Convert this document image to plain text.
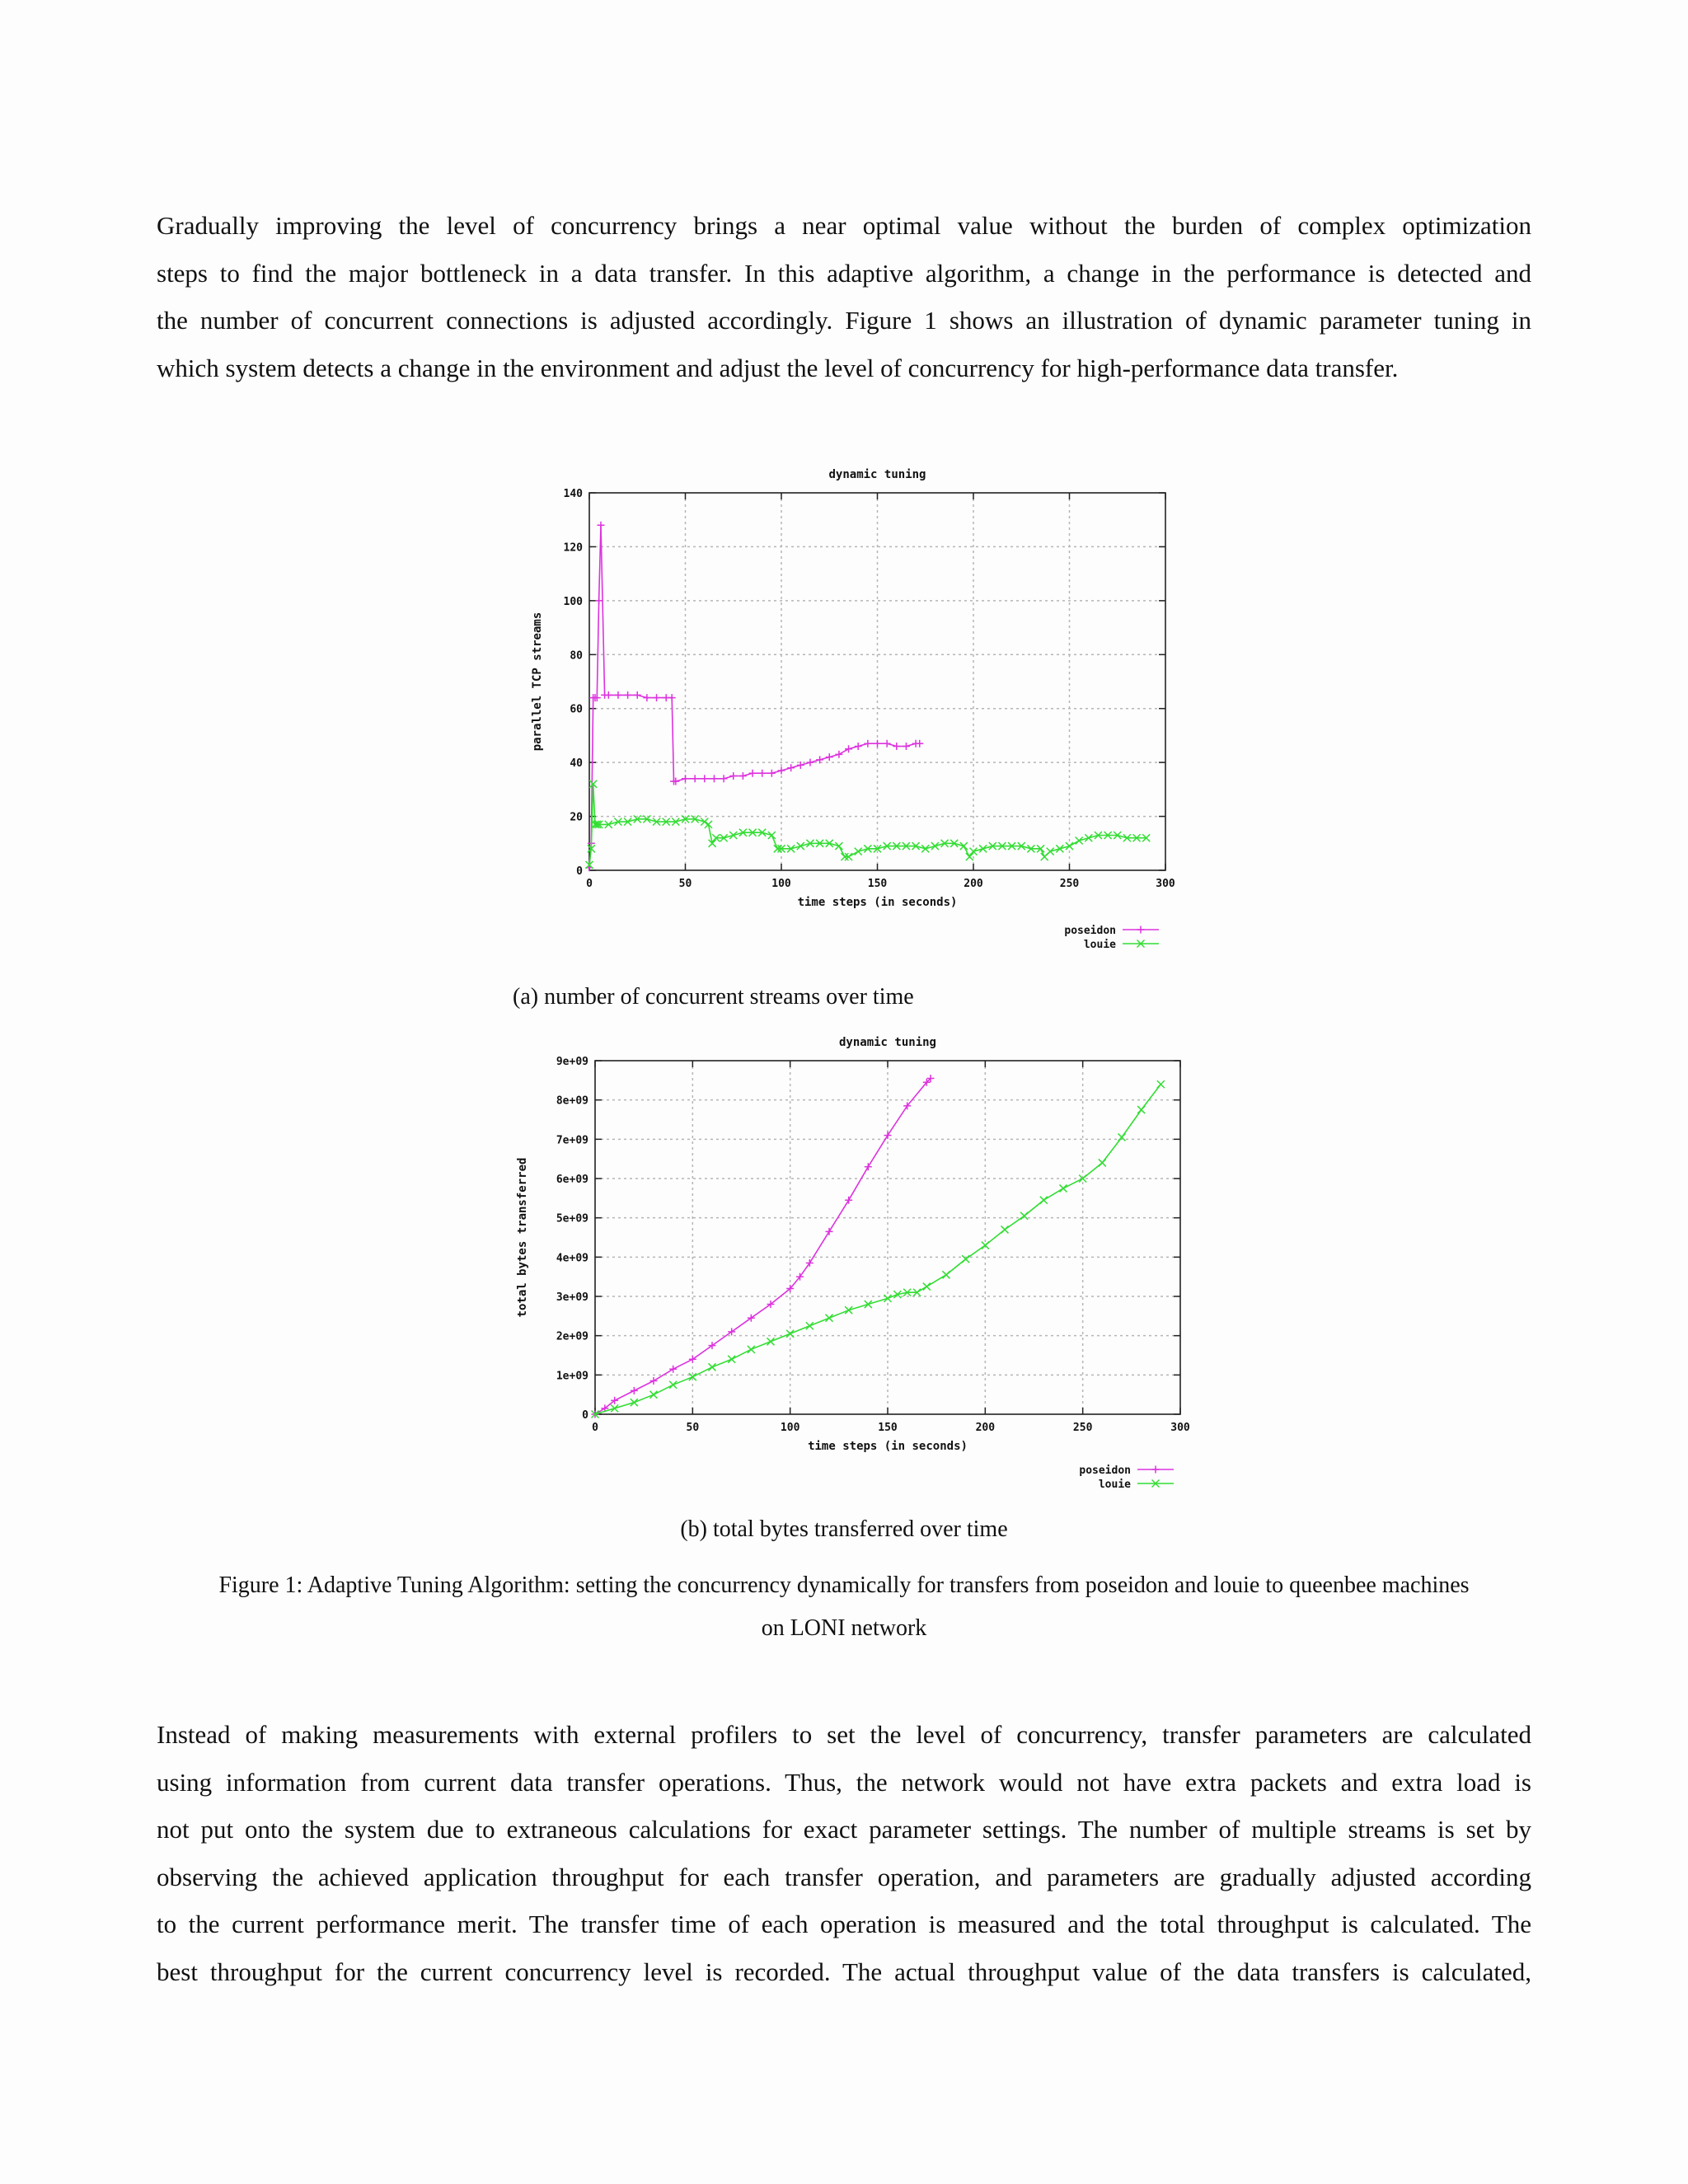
Gradually improving the level of concurrency brings a near optimal value without the burden of complex optimization
steps to find the major bottleneck in a data transfer. In this adaptive algorithm, a change in the performance is detected and
the number of concurrent connections is adjusted accordingly. Figure 1 shows an illustration of dynamic parameter tuning in
which system detects a change in the environment and adjust the level of concurrency for high-performance data transfer.
0	50	100	150	200	250	300
0
20
40
60
80
100
120
140
dynamic tuning
time steps (in seconds)
parallel TCP streams
poseidon
louie
(a) number of concurrent streams over time
0	50	100	150	200	250	300
0
1e+09
2e+09
3e+09
4e+09
5e+09
6e+09
7e+09
8e+09
9e+09
dynamic tuning
time steps (in seconds)
total bytes transferred
poseidon
louie
(b) total bytes transferred over time
Figure 1: Adaptive Tuning Algorithm: setting the concurrency dynamically for transfers from poseidon and louie to queenbee machines
on LONI network
Instead of making measurements with external profilers to set the level of concurrency, transfer parameters are calculated
using information from current data transfer operations. Thus, the network would not have extra packets and extra load is
not put onto the system due to extraneous calculations for exact parameter settings. The number of multiple streams is set by
observing the achieved application throughput for each transfer operation, and parameters are gradually adjusted according
to the current performance merit. The transfer time of each operation is measured and the total throughput is calculated. The
best throughput for the current concurrency level is recorded. The actual throughput value of the data transfers is calculated,
